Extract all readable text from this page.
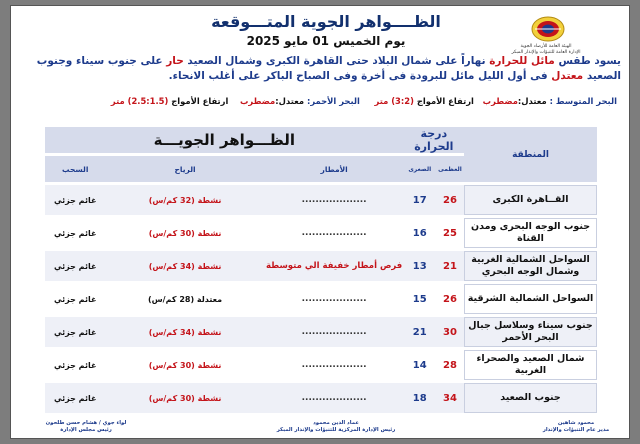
الهيئة العامة للأرصاد الجوية
الإدارة العامة للتنبؤات والإنذار المبكر
الظــــواهر الجوية المتـــوقعة
يوم الخميس 01 مايو 2025
يسود طقس مائل للحرارة نهاراً على شمال البلاد حتى القاهرة الكبرى وشمال الصعيد حار على جنوب سيناء وجنوب الصعيد معتدل فى أول الليل مائل للبرودة فى أخرة وفى الصباح الباكر على أغلب الانحاء.
البحر المتوسط : معتدل:مضطرب   ارتفاع الأمواج (3:2) متر     البحر الأحمر: معتدل:مضطرب    ارتفاع الأمواج (2.5:1.5) متر
المنطقة	درجة الحرارة		الظـــواهر الجويـــة		
	العظمى	الصغرى	الأمطار	الرياح	السحب
القــاهرة الكبرى	26	17	...................	نشطة (32 كم/س)	غائم جزئي
جنوب الوجه البحرى ومدن القناة	25	16	...................	نشطة (30 كم/س)	غائم جزئي
السواحل الشمالية الغربية وشمال الوجه البحري	21	13	فرص أمطار خفيفة الي متوسطة	نشطة (34 كم/س)	غائم جزئي
السواحل الشمالية الشرقية	26	15	...................	معتدلة (28 كم/س)	غائم جزئي
جنوب سيناء وسلاسل جبال البحر الأحمر	30	21	...................	نشطة (34 كم/س)	غائم جزئي
شمال الصعيد والصحراء الغربية	28	14	...................	نشطة (30 كم/س)	غائم جزئي
جنوب الصعيد	34	18	...................	نشطة (30 كم/س)	غائم جزئي
محمود شاهين
مدير عام التنبؤات والإنذار
عماد الدين محمود
رئيس الإدارة المركزية للتنبؤات والإنذار المبكر
لواء جوي / هشام حسن طلحون
رئيس مجلس الإدارة
